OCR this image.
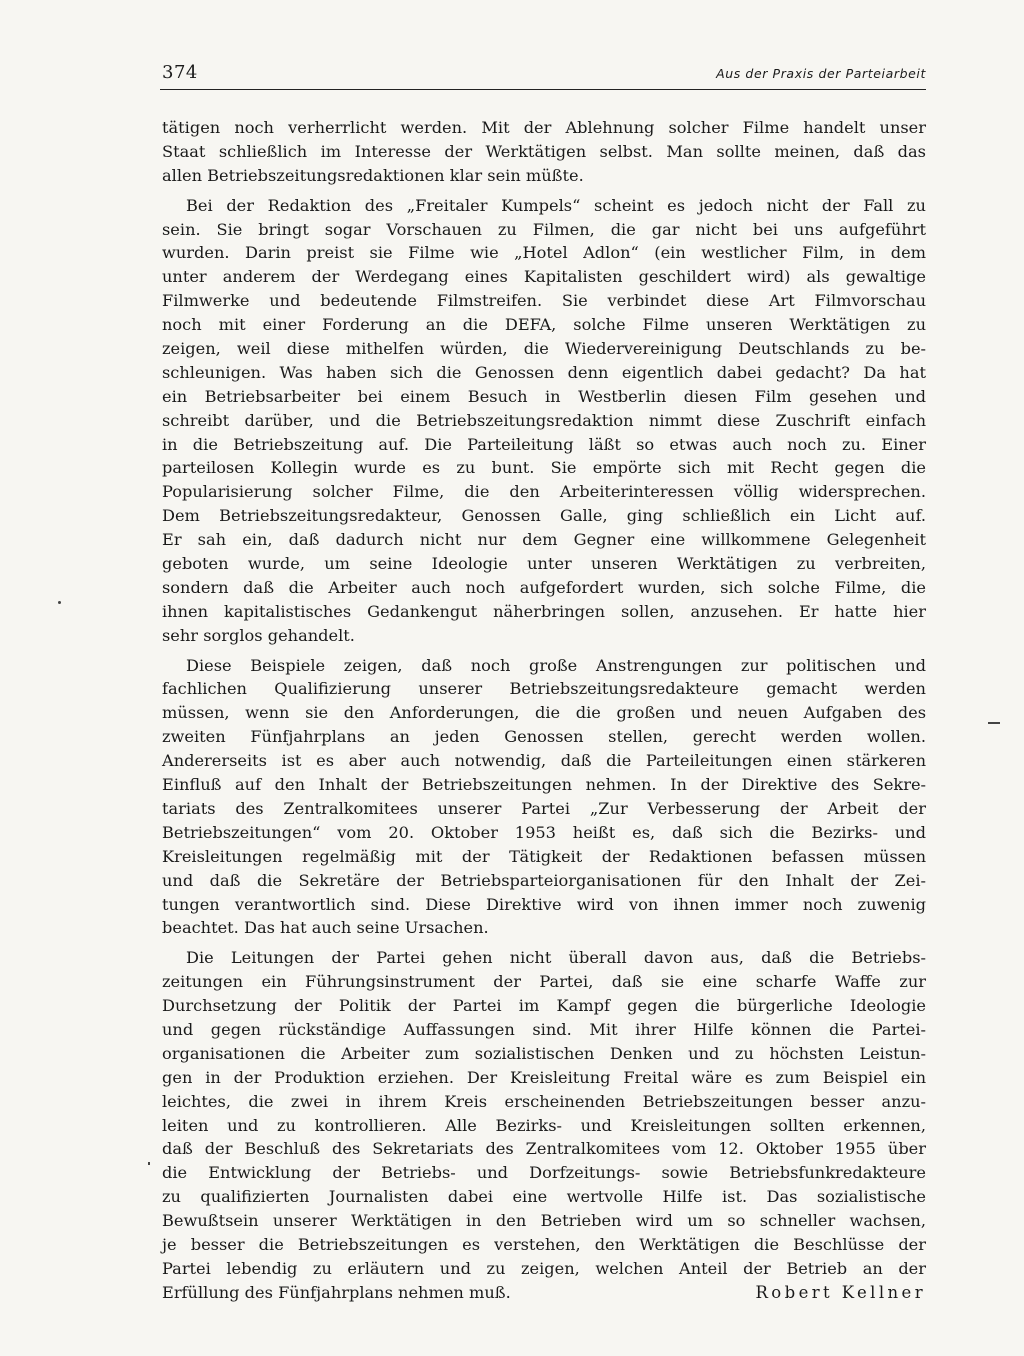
374	Aus der Praxis der Parteiarbeit
tätigen noch verherrlicht werden. Mit der Ablehnung solcher Filme handelt unser
Staat schließlich im Interesse der Werktätigen selbst. Man sollte meinen, daß das
allen Betriebszeitungsredaktionen klar sein müßte.
Bei der Redaktion des „Freitaler Kumpels“ scheint es jedoch nicht der Fall zu
sein. Sie bringt sogar Vorschauen zu Filmen, die gar nicht bei uns aufgeführt
wurden. Darin preist sie Filme wie „Hotel Adlon“ (ein westlicher Film, in dem
unter anderem der Werdegang eines Kapitalisten geschildert wird) als gewaltige
Filmwerke und bedeutende Filmstreifen. Sie verbindet diese Art Filmvorschau
noch mit einer Forderung an die DEFA, solche Filme unseren Werktätigen zu
zeigen, weil diese mithelfen würden, die Wiedervereinigung Deutschlands zu be-
schleunigen. Was haben sich die Genossen denn eigentlich dabei gedacht? Da hat
ein Betriebsarbeiter bei einem Besuch in Westberlin diesen Film gesehen und
schreibt darüber, und die Betriebszeitungsredaktion nimmt diese Zuschrift einfach
in die Betriebszeitung auf. Die Parteileitung läßt so etwas auch noch zu. Einer
parteilosen Kollegin wurde es zu bunt. Sie empörte sich mit Recht gegen die
Popularisierung solcher Filme, die den Arbeiterinteressen völlig widersprechen.
Dem Betriebszeitungsredakteur, Genossen Galle, ging schließlich ein Licht auf.
Er sah ein, daß dadurch nicht nur dem Gegner eine willkommene Gelegenheit
geboten wurde, um seine Ideologie unter unseren Werktätigen zu verbreiten,
sondern daß die Arbeiter auch noch aufgefordert wurden, sich solche Filme, die
ihnen kapitalistisches Gedankengut näherbringen sollen, anzusehen. Er hatte hier
sehr sorglos gehandelt.
Diese Beispiele zeigen, daß noch große Anstrengungen zur politischen und
fachlichen Qualifizierung unserer Betriebszeitungsredakteure gemacht werden
müssen, wenn sie den Anforderungen, die die großen und neuen Aufgaben des
zweiten Fünfjahrplans an jeden Genossen stellen, gerecht werden wollen.
Andererseits ist es aber auch notwendig, daß die Parteileitungen einen stärkeren
Einfluß auf den Inhalt der Betriebszeitungen nehmen. In der Direktive des Sekre-
tariats des Zentralkomitees unserer Partei „Zur Verbesserung der Arbeit der
Betriebszeitungen“ vom 20. Oktober 1953 heißt es, daß sich die Bezirks- und
Kreisleitungen regelmäßig mit der Tätigkeit der Redaktionen befassen müssen
und daß die Sekretäre der Betriebsparteiorganisationen für den Inhalt der Zei-
tungen verantwortlich sind. Diese Direktive wird von ihnen immer noch zuwenig
beachtet. Das hat auch seine Ursachen.
Die Leitungen der Partei gehen nicht überall davon aus, daß die Betriebs-
zeitungen ein Führungsinstrument der Partei, daß sie eine scharfe Waffe zur
Durchsetzung der Politik der Partei im Kampf gegen die bürgerliche Ideologie
und gegen rückständige Auffassungen sind. Mit ihrer Hilfe können die Partei-
organisationen die Arbeiter zum sozialistischen Denken und zu höchsten Leistun-
gen in der Produktion erziehen. Der Kreisleitung Freital wäre es zum Beispiel ein
leichtes, die zwei in ihrem Kreis erscheinenden Betriebszeitungen besser anzu-
leiten und zu kontrollieren. Alle Bezirks- und Kreisleitungen sollten erkennen,
daß der Beschluß des Sekretariats des Zentralkomitees vom 12. Oktober 1955 über
die Entwicklung der Betriebs- und Dorfzeitungs- sowie Betriebsfunkredakteure
zu qualifizierten Journalisten dabei eine wertvolle Hilfe ist. Das sozialistische
Bewußtsein unserer Werktätigen in den Betrieben wird um so schneller wachsen,
je besser die Betriebszeitungen es verstehen, den Werktätigen die Beschlüsse der
Partei lebendig zu erläutern und zu zeigen, welchen Anteil der Betrieb an der
Erfüllung des Fünfjahrplans nehmen muß.	Robert Kellner
